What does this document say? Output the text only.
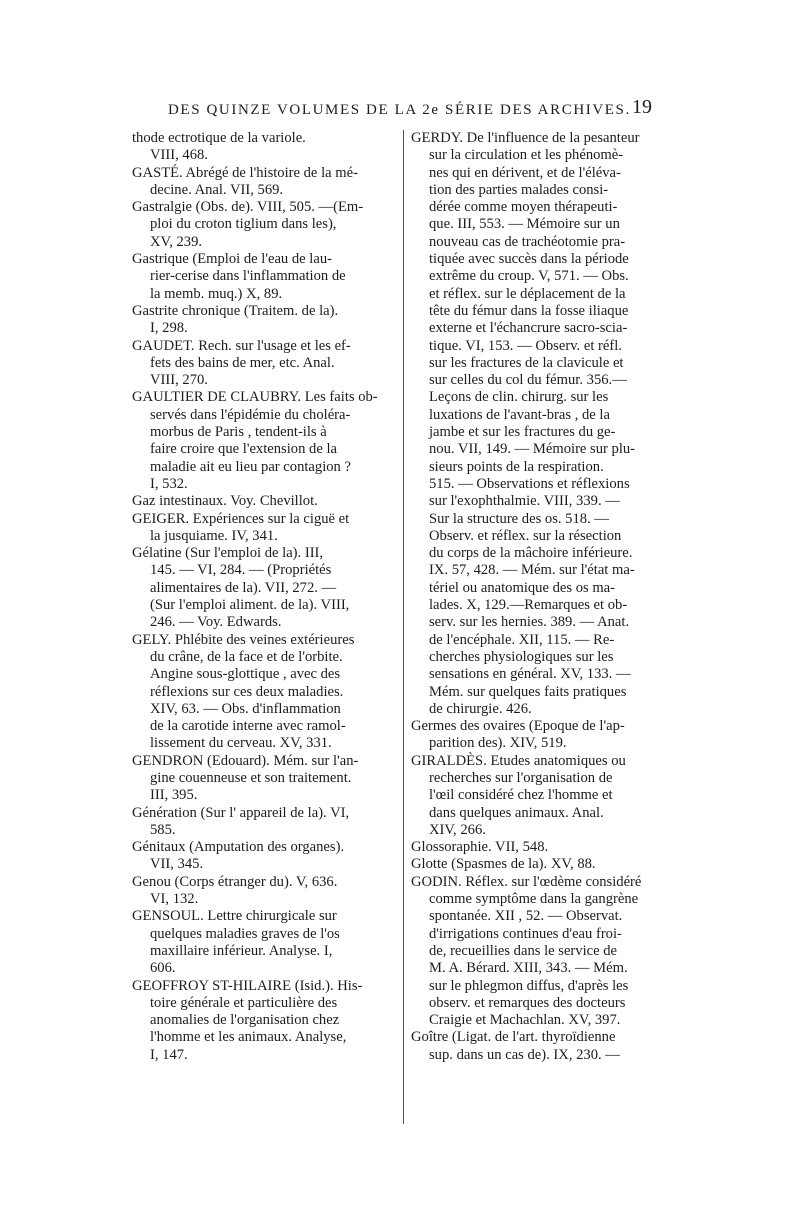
DES QUINZE VOLUMES DE LA 2e SÉRIE DES ARCHIVES. 19
thode ectrotique de la variole.
VIII, 468.
GASTÉ. Abrégé de l'histoire de la mé-
decine. Anal. VII, 569.
Gastralgie (Obs. de). VIII, 505. —(Em-
ploi du croton tiglium dans les),
XV, 239.
Gastrique (Emploi de l'eau de lau-
rier-cerise dans l'inflammation de
la memb. muq.) X, 89.
Gastrite chronique (Traitem. de la).
I, 298.
GAUDET. Rech. sur l'usage et les ef-
fets des bains de mer, etc. Anal.
VIII, 270.
GAULTIER DE CLAUBRY. Les faits ob-
servés dans l'épidémie du choléra-
morbus de Paris , tendent-ils à
faire croire que l'extension de la
maladie ait eu lieu par contagion ?
I, 532.
Gaz intestinaux. Voy. Chevillot.
GEIGER. Expériences sur la ciguë et
la jusquiame. IV, 341.
Gélatine (Sur l'emploi de la). III,
145. — VI, 284. — (Propriétés
alimentaires de la). VII, 272. —
(Sur l'emploi aliment. de la). VIII,
246. — Voy. Edwards.
GELY. Phlébite des veines extérieures
du crâne, de la face et de l'orbite.
Angine sous-glottique , avec des
réflexions sur ces deux maladies.
XIV, 63. — Obs. d'inflammation
de la carotide interne avec ramol-
lissement du cerveau. XV, 331.
GENDRON (Edouard). Mém. sur l'an-
gine couenneuse et son traitement.
III, 395.
Génération (Sur l' appareil de la). VI,
585.
Génitaux (Amputation des organes).
VII, 345.
Genou (Corps étranger du). V, 636.
VI, 132.
GENSOUL. Lettre chirurgicale sur
quelques maladies graves de l'os
maxillaire inférieur. Analyse. I,
606.
GEOFFROY ST-HILAIRE (Isid.). His-
toire générale et particulière des
anomalies de l'organisation chez
l'homme et les animaux. Analyse,
I, 147.
GERDY. De l'influence de la pesanteur
sur la circulation et les phénomè-
nes qui en dérivent, et de l'éléva-
tion des parties malades consi-
dérée comme moyen thérapeuti-
que. III, 553. — Mémoire sur un
nouveau cas de trachéotomie pra-
tiquée avec succès dans la période
extrême du croup. V, 571. — Obs.
et réflex. sur le déplacement de la
tête du fémur dans la fosse iliaque
externe et l'échancrure sacro-scia-
tique. VI, 153. — Observ. et réfl.
sur les fractures de la clavicule et
sur celles du col du fémur. 356.—
Leçons de clin. chirurg. sur les
luxations de l'avant-bras , de la
jambe et sur les fractures du ge-
nou. VII, 149. — Mémoire sur plu-
sieurs points de la respiration.
515. — Observations et réflexions
sur l'exophthalmie. VIII, 339. —
Sur la structure des os. 518. —
Observ. et réflex. sur la résection
du corps de la mâchoire inférieure.
IX. 57, 428. — Mém. sur l'état ma-
tériel ou anatomique des os ma-
lades. X, 129.—Remarques et ob-
serv. sur les hernies. 389. — Anat.
de l'encéphale. XII, 115. — Re-
cherches physiologiques sur les
sensations en général. XV, 133. —
Mém. sur quelques faits pratiques
de chirurgie. 426.
Germes des ovaires (Epoque de l'ap-
parition des). XIV, 519.
GIRALDÈS. Etudes anatomiques ou
recherches sur l'organisation de
l'œil considéré chez l'homme et
dans quelques animaux. Anal.
XIV, 266.
Glossoraphie. VII, 548.
Glotte (Spasmes de la). XV, 88.
GODIN. Réflex. sur l'œdème considéré
comme symptôme dans la gangrène
spontanée. XII , 52. — Observat.
d'irrigations continues d'eau froi-
de, recueillies dans le service de
M. A. Bérard. XIII, 343. — Mém.
sur le phlegmon diffus, d'après les
observ. et remarques des docteurs
Craigie et Machachlan. XV, 397.
Goître (Ligat. de l'art. thyroïdienne
sup. dans un cas de). IX, 230. —
